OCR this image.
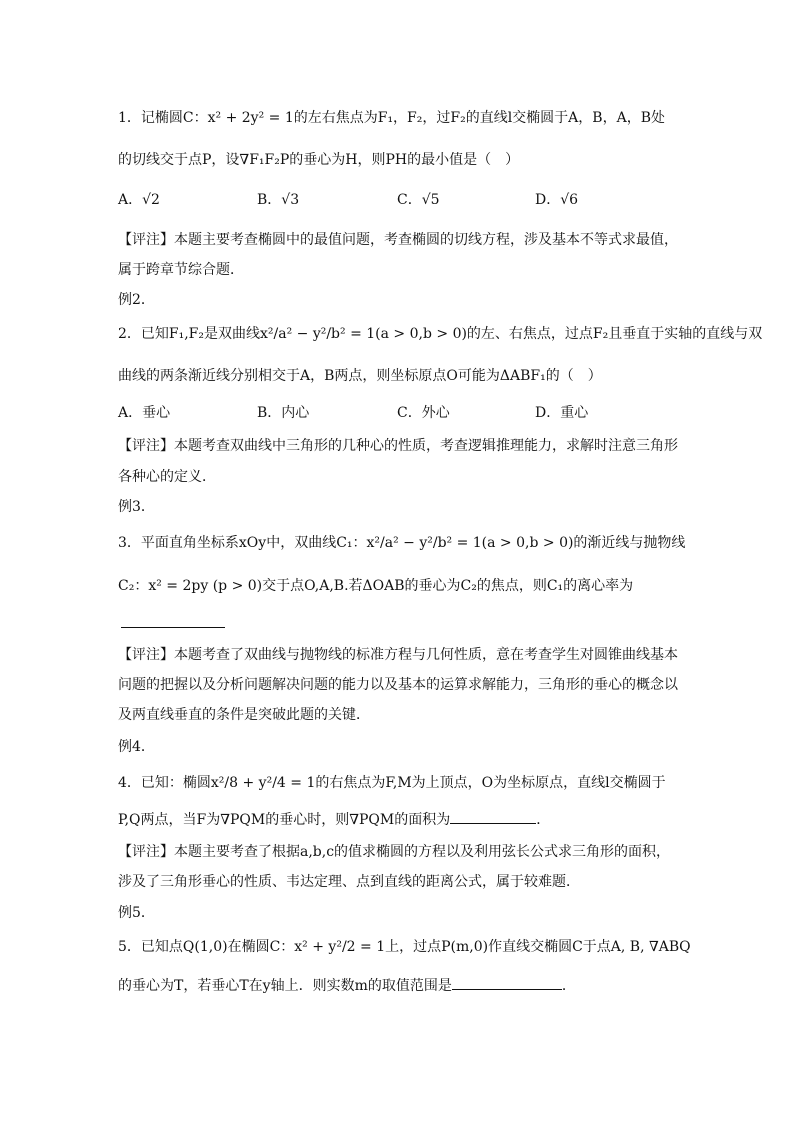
1．记椭圆C：x² + 2y² = 1的左右焦点为F₁，F₂，过F₂的直线l交椭圆于A，B，A，B处
的切线交于点P，设∇F₁F₂P的垂心为H，则PH的最小值是（　）
A．√2	B．√3	C．√5	D．√6
【评注】本题主要考查椭圆中的最值问题，考查椭圆的切线方程，涉及基本不等式求最值，
属于跨章节综合题．
例2．
2．已知F₁,F₂是双曲线x²/a² − y²/b² = 1(a > 0,b > 0)的左、右焦点，过点F₂且垂直于实轴的直线与双
曲线的两条渐近线分别相交于A，B两点，则坐标原点O可能为ΔABF₁的（　）
A．垂心	B．内心	C．外心	D．重心
【评注】本题考查双曲线中三角形的几种心的性质，考查逻辑推理能力，求解时注意三角形
各种心的定义．
例3．
3．平面直角坐标系xOy中，双曲线C₁：x²/a² − y²/b² = 1(a > 0,b > 0)的渐近线与抛物线
C₂：x² = 2py (p > 0)交于点O,A,B.若ΔOAB的垂心为C₂的焦点，则C₁的离心率为
【评注】本题考查了双曲线与抛物线的标准方程与几何性质，意在考查学生对圆锥曲线基本
问题的把握以及分析问题解决问题的能力以及基本的运算求解能力，三角形的垂心的概念以
及两直线垂直的条件是突破此题的关键．
例4．
4．已知：椭圆x²/8 + y²/4 = 1的右焦点为F,M为上顶点，O为坐标原点，直线l交椭圆于
P,Q两点，当F为∇PQM的垂心时，则∇PQM的面积为	．
【评注】本题主要考查了根据a,b,c的值求椭圆的方程以及利用弦长公式求三角形的面积，
涉及了三角形垂心的性质、韦达定理、点到直线的距离公式，属于较难题．
例5．
5．已知点Q(1,0)在椭圆C：x² + y²/2 = 1上，过点P(m,0)作直线交椭圆C于点A, B, ∇ABQ
的垂心为T，若垂心T在y轴上．则实数m的取值范围是	．
